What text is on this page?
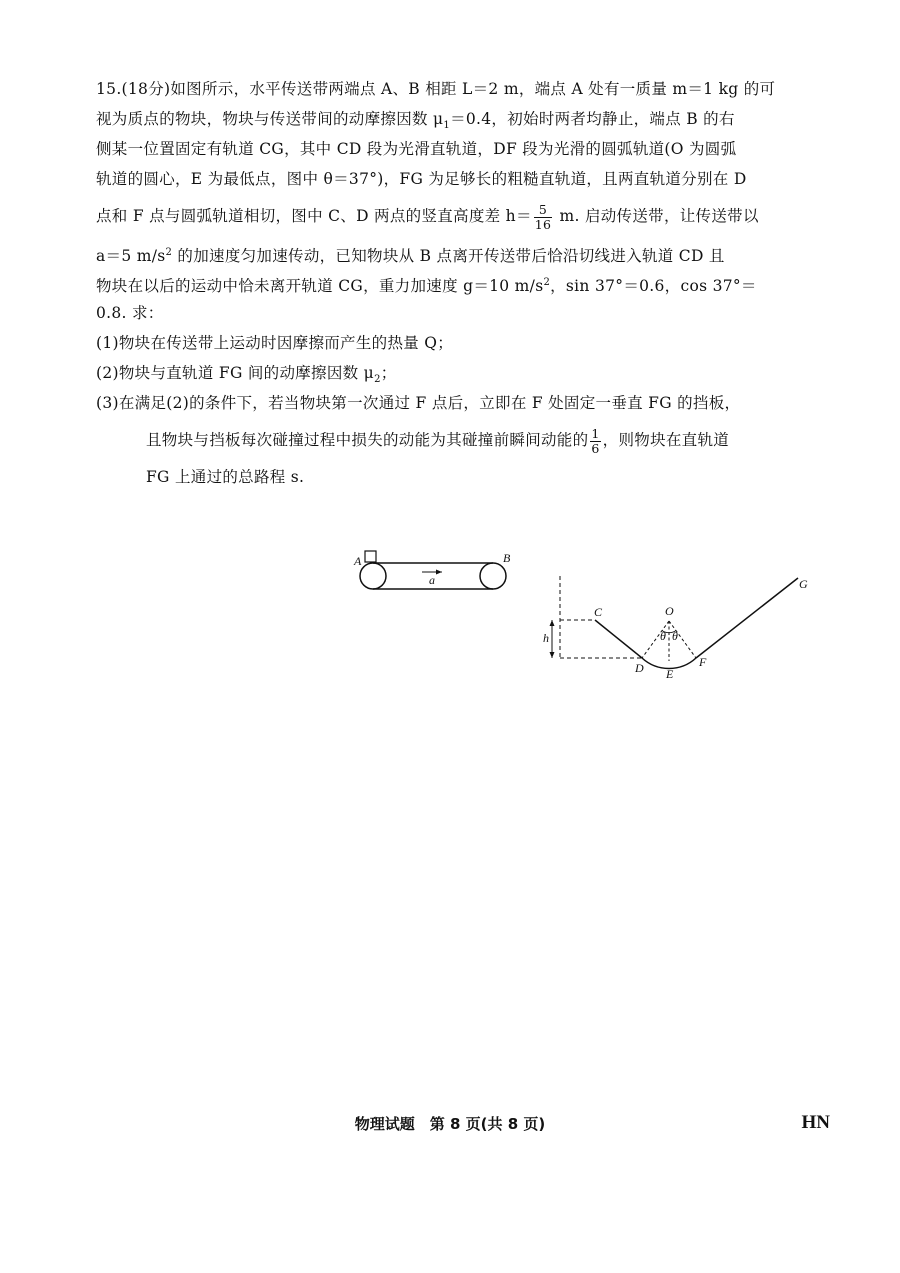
15.(18分)如图所示，水平传送带两端点 A、B 相距 L＝2 m，端点 A 处有一质量 m＝1 kg 的可
视为质点的物块，物块与传送带间的动摩擦因数 $\mu_1=0.4$，初始时两者均静止，端点 B 的右
侧某一位置固定有轨道 CG，其中 CD 段为光滑直轨道，DF 段为光滑的圆弧轨道(O 为圆弧
轨道的圆心，E 为最低点，图中 θ＝37°)，FG 为足够长的粗糙直轨道，且两直轨道分别在 D
点和 F 点与圆弧轨道相切，图中 C、D 两点的竖直高度差 $h= \frac{5}{16} m$. 启动传送带，让传送带以
a＝5 $m/s^2$ 的加速度匀加速传动，已知物块从 B 点离开传送带后恰沿切线进入轨道 CD 且
物块在以后的运动中恰未离开轨道 CG，重力加速度 g＝10 $m/s^2$，sin 37°＝0.6，cos 37°＝
0.8. 求：
(1)物块在传送带上运动时因摩擦而产生的热量 Q；
(2)物块与直轨道 FG 间的动摩擦因数 $\mu_2$；
(3)在满足(2)的条件下，若当物块第一次通过 F 点后，立即在 F 处固定一垂直 FG 的挡板，
且物块与挡板每次碰撞过程中损失的动能为其碰撞前瞬间动能的 $\frac{1}{6}$ ，则物块在直轨道
FG 上通过的总路程 s.
A	B
a
h	θ θ
C
D E
F
G
O
物理试题　第 8 页(共 8 页)	HN
